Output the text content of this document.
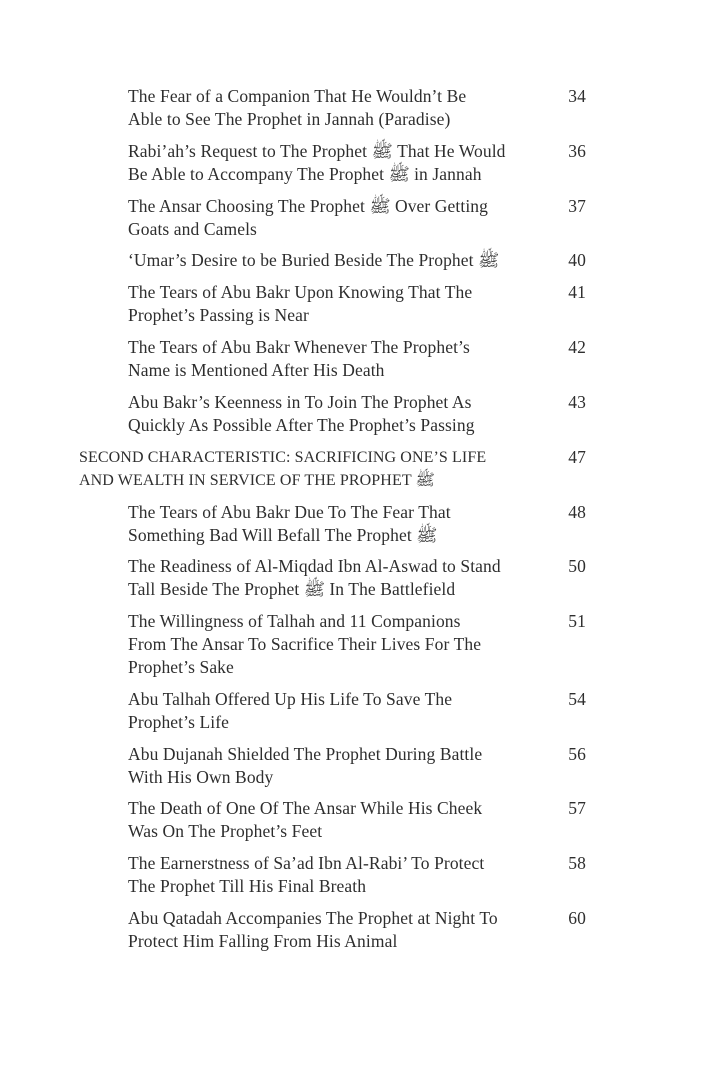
The Fear of a Companion That He Wouldn’t Be
Able to See The Prophet in Jannah (Paradise)
34
Rabi’ah’s Request to The Prophet ﷺ That He Would
Be Able to Accompany The Prophet ﷺ in Jannah
36
The Ansar Choosing The Prophet ﷺ Over Getting
Goats and Camels
37
‘Umar’s Desire to be Buried Beside The Prophet ﷺ	40
The Tears of Abu Bakr Upon Knowing That The
Prophet’s Passing is Near
41
The Tears of Abu Bakr Whenever The Prophet’s
Name is Mentioned After His Death
42
Abu Bakr’s Keenness in To Join The Prophet As
Quickly As Possible After The Prophet’s Passing
43
SECOND CHARACTERISTIC: SACRIFICING ONE’S LIFE
AND WEALTH IN SERVICE OF THE PROPHET ﷺ
47
The Tears of Abu Bakr Due To The Fear That
Something Bad Will Befall The Prophet ﷺ
48
The Readiness of Al-Miqdad Ibn Al-Aswad to Stand
Tall Beside The Prophet ﷺ In The Battlefield
50
The Willingness of Talhah and 11 Companions
From The Ansar To Sacrifice Their Lives For The
Prophet’s Sake
51
Abu Talhah Offered Up His Life To Save The
Prophet’s Life
54
Abu Dujanah Shielded The Prophet During Battle
With His Own Body
56
The Death of One Of The Ansar While His Cheek
Was On The Prophet’s Feet
57
The Earnerstness of Sa’ad Ibn Al-Rabi’ To Protect
The Prophet Till His Final Breath
58
Abu Qatadah Accompanies The Prophet at Night To
Protect Him Falling From His Animal
60
